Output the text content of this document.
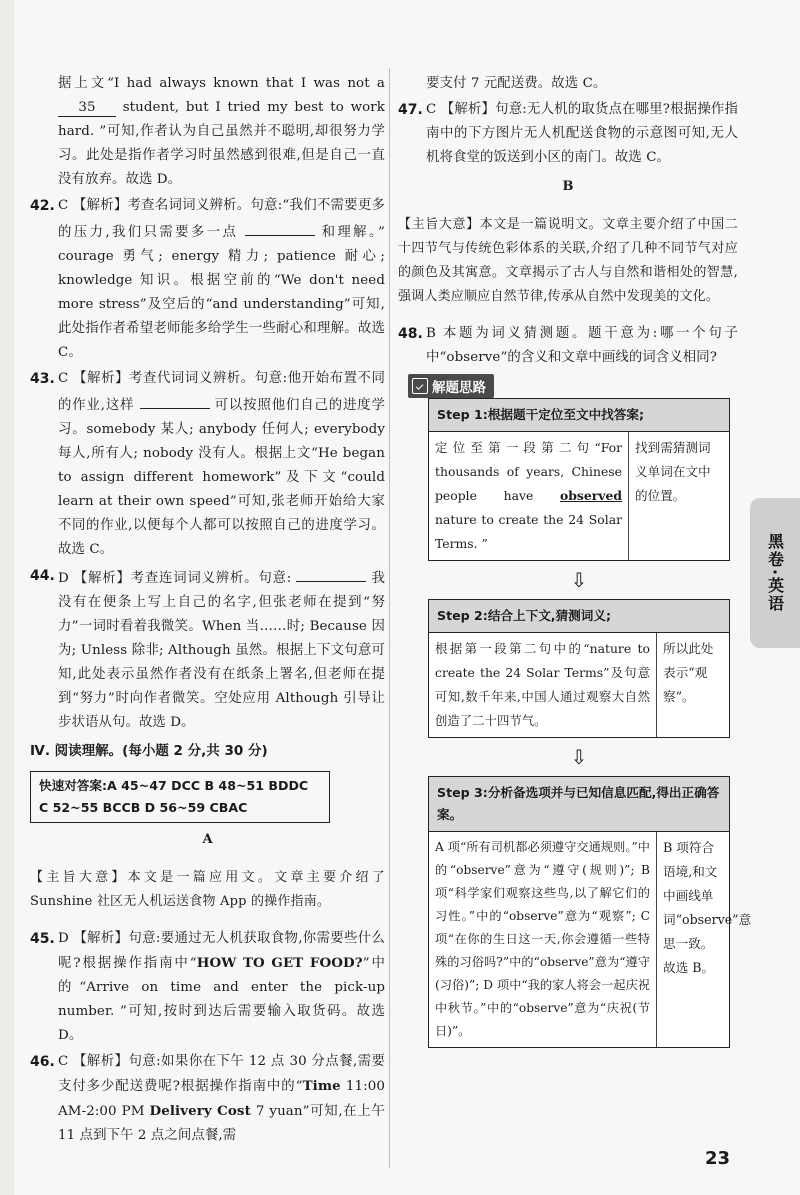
据上文“I had always known that I was not a 35 student, but I tried my best to work hard. ”可知,作者认为自己虽然并不聪明,却很努力学习。此处是指作者学习时虽然感到很难,但是自己一直没有放弃。故选 D。

42. C 【解析】考查名词词义辨析。句意:“我们不需要更多的压力,我们只需要多一点	和理解。” courage 勇气; energy 精力; patience 耐心; knowledge 知识。根据空前的“We don't need more stress”及空后的“and understanding”可知,此处指作者希望老师能多给学生一些耐心和理解。故选 C。

43. C 【解析】考查代词词义辨析。句意:他开始布置不同的作业,这样	可以按照他们自己的进度学习。somebody 某人; anybody 任何人; everybody 每人,所有人; nobody 没有人。根据上文“He began to assign different homework”及下文“could learn at their own speed”可知,张老师开始给大家不同的作业,以便每个人都可以按照自己的进度学习。故选 C。

44. D 【解析】考查连词词义辨析。句意:	我没有在便条上写上自己的名字,但张老师在提到“努力”一词时看着我微笑。When 当……时; Because 因为; Unless 除非; Although 虽然。根据上下文句意可知,此处表示虽然作者没有在纸条上署名,但老师在提到“努力”时向作者微笑。空处应用 Although 引导让步状语从句。故选 D。

Ⅳ. 阅读理解。(每小题 2 分,共 30 分)
快速对答案:A 45~47 DCC B 48~51 BDDC
C 52~55 BCCB D 56~59 CBAC
A

【主旨大意】本文是一篇应用文。文章主要介绍了 Sunshine 社区无人机运送食物 App 的操作指南。

45. D 【解析】句意:要通过无人机获取食物,你需要些什么呢?根据操作指南中“HOW TO GET FOOD?”中的“Arrive on time and enter the pick-up number. ”可知,按时到达后需要输入取货码。故选 D。

46. C 【解析】句意:如果你在下午 12 点 30 分点餐,需要支付多少配送费呢?根据操作指南中的“Time 11:00 AM-2:00 PM Delivery Cost 7 yuan”可知,在上午 11 点到下午 2 点之间点餐,需

要支付 7 元配送费。故选 C。

47. C 【解析】句意:无人机的取货点在哪里?根据操作指南中的下方图片无人机配送食物的示意图可知,无人机将食堂的饭送到小区的南门。故选 C。

B

【主旨大意】本文是一篇说明文。文章主要介绍了中国二十四节气与传统色彩体系的关联,介绍了几种不同节气对应的颜色及其寓意。文章揭示了古人与自然和谐相处的智慧,强调人类应顺应自然节律,传承从自然中发现美的文化。

48. B 本题为词义猜测题。题干意为:哪一个句子中“observe”的含义和文章中画线的词含义相同?

解题思路
Step 1:根据题干定位至文中找答案;
定位至第一段第二句“For thousands of years, Chinese people have observed nature to create the 24 Solar Terms. ”
找到需猜测词义单词在文中的位置。
⇩
Step 2:结合上下文,猜测词义;
根据第一段第二句中的“nature to create the 24 Solar Terms”及句意可知,数千年来,中国人通过观察大自然创造了二十四节气。
所以此处表示“观察”。
⇩
Step 3:分析备选项并与已知信息匹配,得出正确答案。
A 项“所有司机都必须遵守交通规则。”中的“observe”意为“遵守(规则)”; B 项“科学家们观察这些鸟,以了解它们的习性。”中的“observe”意为“观察”; C 项“在你的生日这一天,你会遵循一些特殊的习俗吗?”中的“observe”意为“遵守(习俗)”; D 项中“我的家人将会一起庆祝中秋节。”中的“observe”意为“庆祝(节日)”。
B 项符合语境,和文中画线单词“observe”意思一致。故选 B。
黑卷·英语
23
